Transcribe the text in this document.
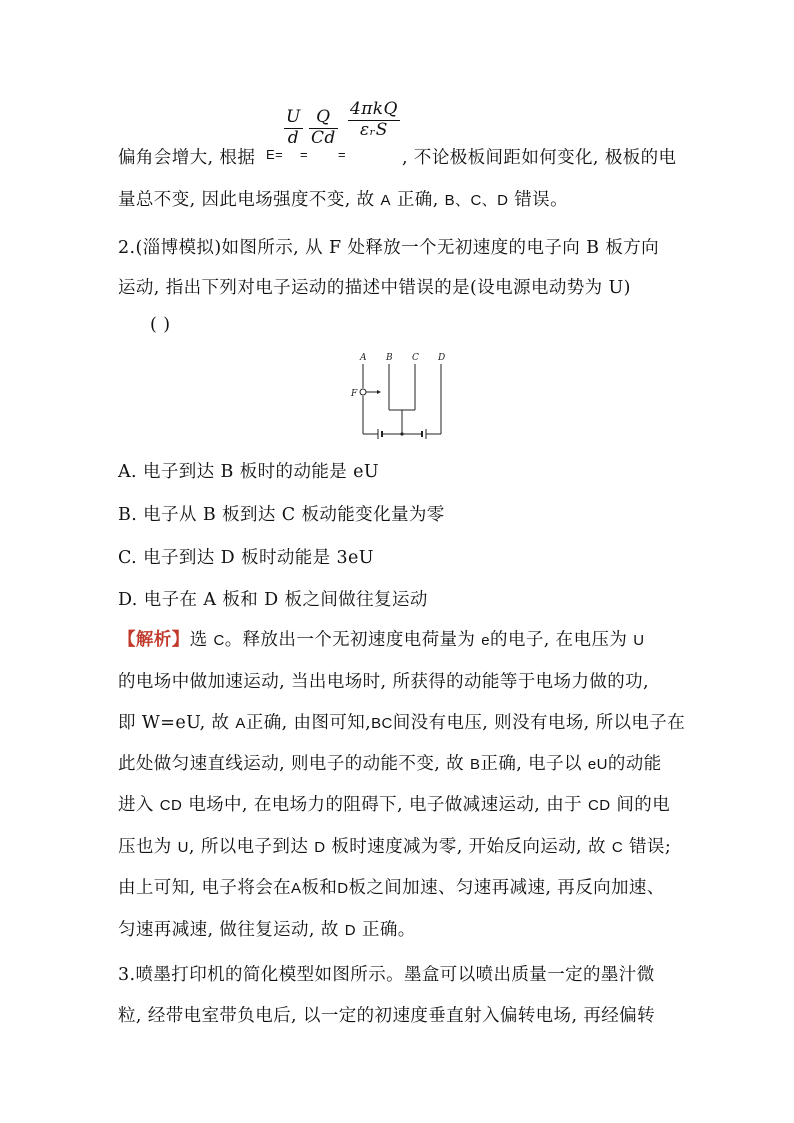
偏角会增大, 根据 E=
$\frac{U}{d}$
=
$\frac{Q}{Cd}$
=
4πkQ
εᵣS
, 不论极板间距如何变化, 极板的电
量总不变, 因此电场强度不变, 故 A 正确, B、C、D 错误。
2.(淄博模拟)如图所示, 从 F 处释放一个无初速度的电子向 B 板方向
运动, 指出下列对电子运动的描述中错误的是(设电源电动势为 U)
( )
A B C D
F
A. 电子到达 B 板时的动能是 eU
B. 电子从 B 板到达 C 板动能变化量为零
C. 电子到达 D 板时动能是 3eU
D. 电子在 A 板和 D 板之间做往复运动
【解析】选 C。释放出一个无初速度电荷量为 e的电子, 在电压为 U
的电场中做加速运动, 当出电场时, 所获得的动能等于电场力做的功,
即 W=eU, 故 A正确, 由图可知,BC间没有电压, 则没有电场, 所以电子在
此处做匀速直线运动, 则电子的动能不变, 故 B正确, 电子以 eU的动能
进入 CD 电场中, 在电场力的阻碍下, 电子做减速运动, 由于 CD 间的电
压也为 U, 所以电子到达 D 板时速度减为零, 开始反向运动, 故 C 错误;
由上可知, 电子将会在A板和D板之间加速、匀速再减速, 再反向加速、
匀速再减速, 做往复运动, 故 D 正确。
3.喷墨打印机的简化模型如图所示。墨盒可以喷出质量一定的墨汁微
粒, 经带电室带负电后, 以一定的初速度垂直射入偏转电场, 再经偏转
